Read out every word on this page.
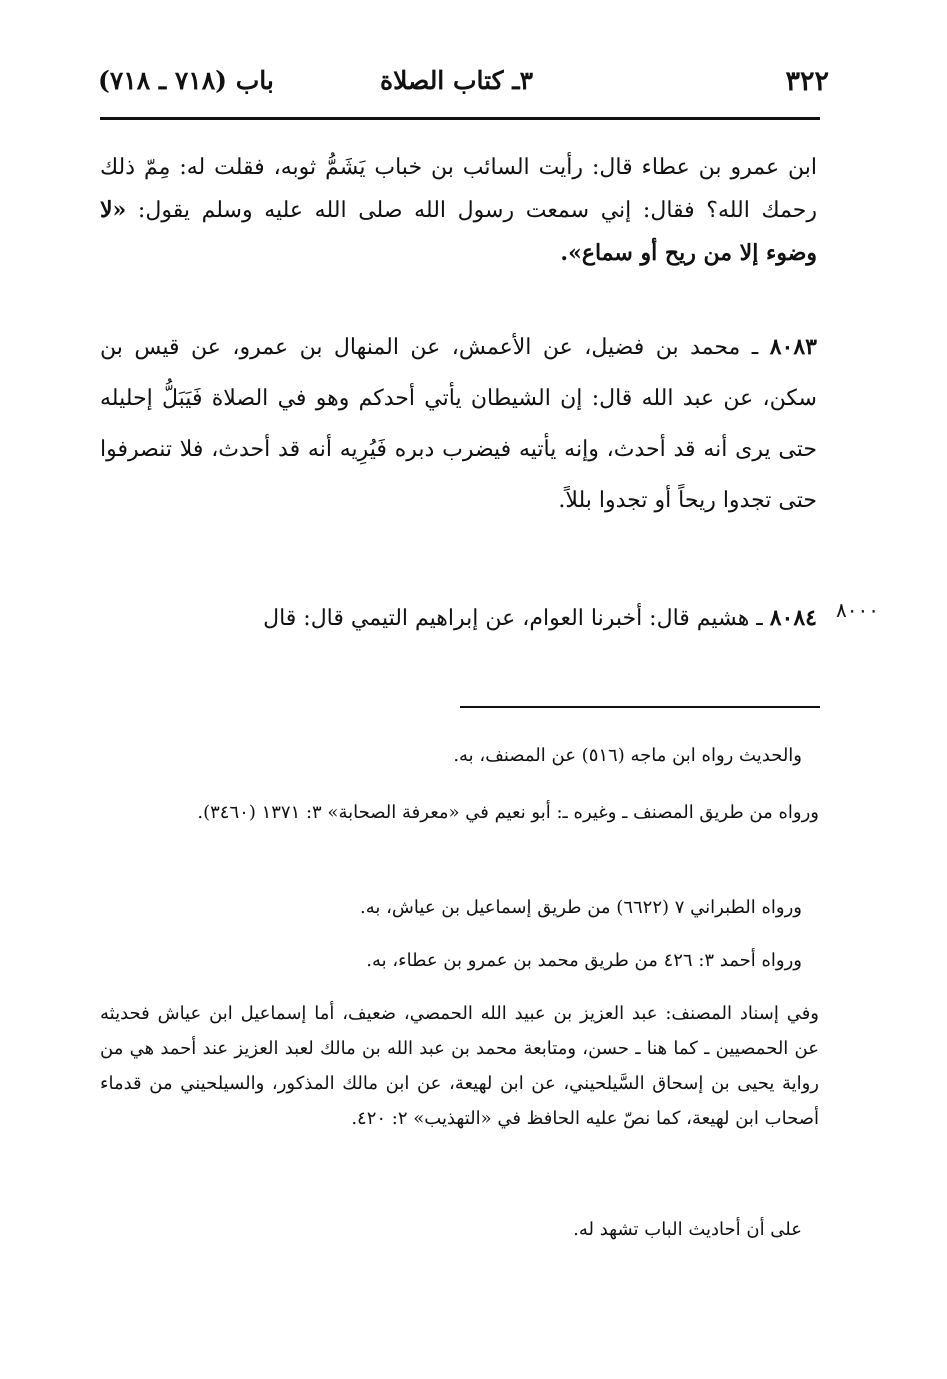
٣٢٢
٣ـ كتاب الصلاة
باب (٧١٨ ـ ٧١٨)
ابن عمرو بن عطاء قال: رأيت السائب بن خباب يَشَمُّ ثوبه، فقلت له: مِمّ ذلك رحمك الله؟ فقال: إني سمعت رسول الله صلى الله عليه وسلم يقول: «لا وضوء إلا من ريح أو سماع».
٨٠٨٣ ـ محمد بن فضيل، عن الأعمش، عن المنهال بن عمرو، عن قيس بن سكن، عن عبد الله قال: إن الشيطان يأتي أحدكم وهو في الصلاة فَيَبَلُّ إحليله حتى يرى أنه قد أحدث، وإنه يأتيه فيضرب دبره فَيُرِيه أنه قد أحدث، فلا تنصرفوا حتى تجدوا ريحاً أو تجدوا بللاً.
٨٠٠٠
٨٠٨٤ ـ هشيم قال: أخبرنا العوام، عن إبراهيم التيمي قال: قال
والحديث رواه ابن ماجه (٥١٦) عن المصنف، به.
ورواه من طريق المصنف ـ وغيره ـ: أبو نعيم في «معرفة الصحابة» ٣: ١٣٧١ (٣٤٦٠).
ورواه الطبراني ٧ (٦٦٢٢) من طريق إسماعيل بن عياش، به.
ورواه أحمد ٣: ٤٢٦ من طريق محمد بن عمرو بن عطاء، به.
وفي إسناد المصنف: عبد العزيز بن عبيد الله الحمصي، ضعيف، أما إسماعيل ابن عياش فحديثه عن الحمصيين ـ كما هنا ـ حسن، ومتابعة محمد بن عبد الله بن مالك لعبد العزيز عند أحمد هي من رواية يحيى بن إسحاق السَّيلحيني، عن ابن لهيعة، عن ابن مالك المذكور، والسيلحيني من قدماء أصحاب ابن لهيعة، كما نصّ عليه الحافظ في «التهذيب» ٢: ٤٢٠.
على أن أحاديث الباب تشهد له.
